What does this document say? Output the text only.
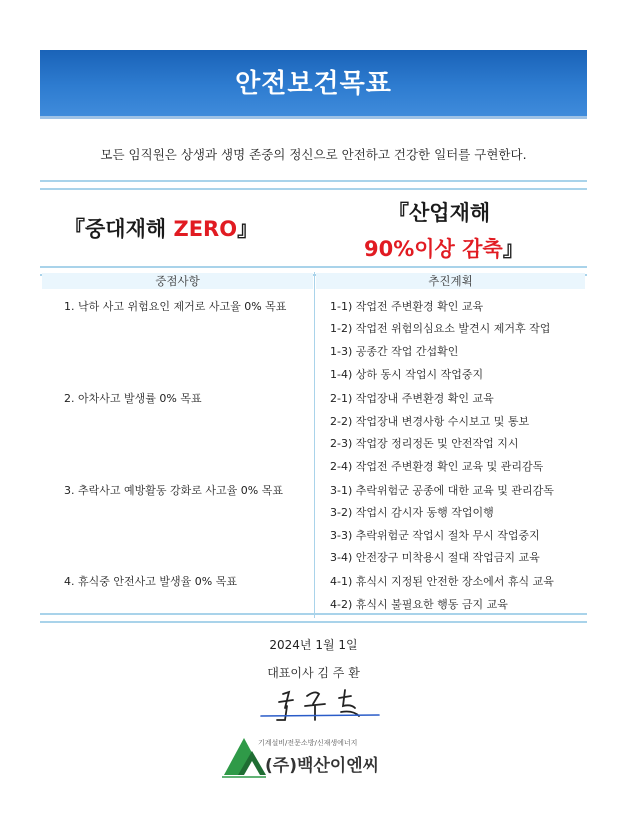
안전보건목표
모든 임직원은 상생과 생명 존중의 정신으로 안전하고 건강한 일터를 구현한다.
『중대재해 ZERO』
『산업재해
90%이상 감축』
중점사항	추진계획
1. 낙하 사고 위험요인 제거로 사고율 0% 목표
2. 아차사고 발생률 0% 목표
3. 추락사고 예방활동 강화로 사고율 0% 목표
4. 휴식중 안전사고 발생율 0% 목표
1-1) 작업전 주변환경 확인 교육
1-2) 작업전 위험의심요소 발견시 제거후 작업
1-3) 공종간 작업 간섭확인
1-4) 상하 동시 작업시 작업중지
2-1) 작업장내 주변환경 확인 교육
2-2) 작업장내 변경사항 수시보고 및 통보
2-3) 작업장 정리정돈 및 안전작업 지시
2-4) 작업전 주변환경 확인 교육 및 관리감독
3-1) 추락위험군 공종에 대한 교육 및 관리감독
3-2) 작업시 감시자 동행 작업이행
3-3) 추락위험군 작업시 절차 무시 작업중지
3-4) 안전장구 미착용시 절대 작업금지 교육
4-1) 휴식시 지정된 안전한 장소에서 휴식 교육
4-2) 휴식시 불필요한 행동 금지 교육
2024년 1월 1일
대표이사 김 주 환
기계설비/전문소방/신재생에너지
(주)백산이엔씨
